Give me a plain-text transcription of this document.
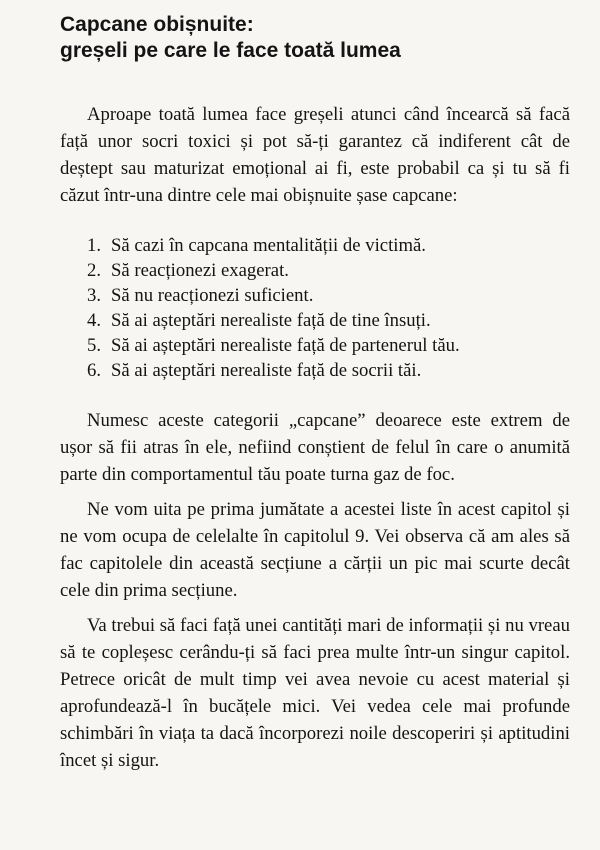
Capcane obișnuite:
greșeli pe care le face toată lumea

Aproape toată lumea face greșeli atunci când încearcă să facă față unor socri toxici și pot să-ți garantez că indiferent cât de deștept sau maturizat emoțional ai fi, este probabil ca și tu să fi căzut într-una dintre cele mai obișnuite șase capcane:

1. Să cazi în capcana mentalității de victimă.
2. Să reacționezi exagerat.
3. Să nu reacționezi suficient.
4. Să ai așteptări nerealiste față de tine însuți.
5. Să ai așteptări nerealiste față de partenerul tău.
6. Să ai așteptări nerealiste față de socrii tăi.

Numesc aceste categorii „capcane” deoarece este extrem de ușor să fii atras în ele, nefiind conștient de felul în care o anumită parte din comportamentul tău poate turna gaz de foc.

Ne vom uita pe prima jumătate a acestei liste în acest capitol și ne vom ocupa de celelalte în capitolul 9. Vei observa că am ales să fac capitolele din această secțiune a cărții un pic mai scurte decât cele din prima secțiune.

Va trebui să faci față unei cantități mari de informații și nu vreau să te copleșesc cerându-ți să faci prea multe într-un singur capitol. Petrece oricât de mult timp vei avea nevoie cu acest material și aprofundează-l în bucățele mici. Vei vedea cele mai profunde schimbări în viața ta dacă încorporezi noile descoperiri și aptitudini încet și sigur.
